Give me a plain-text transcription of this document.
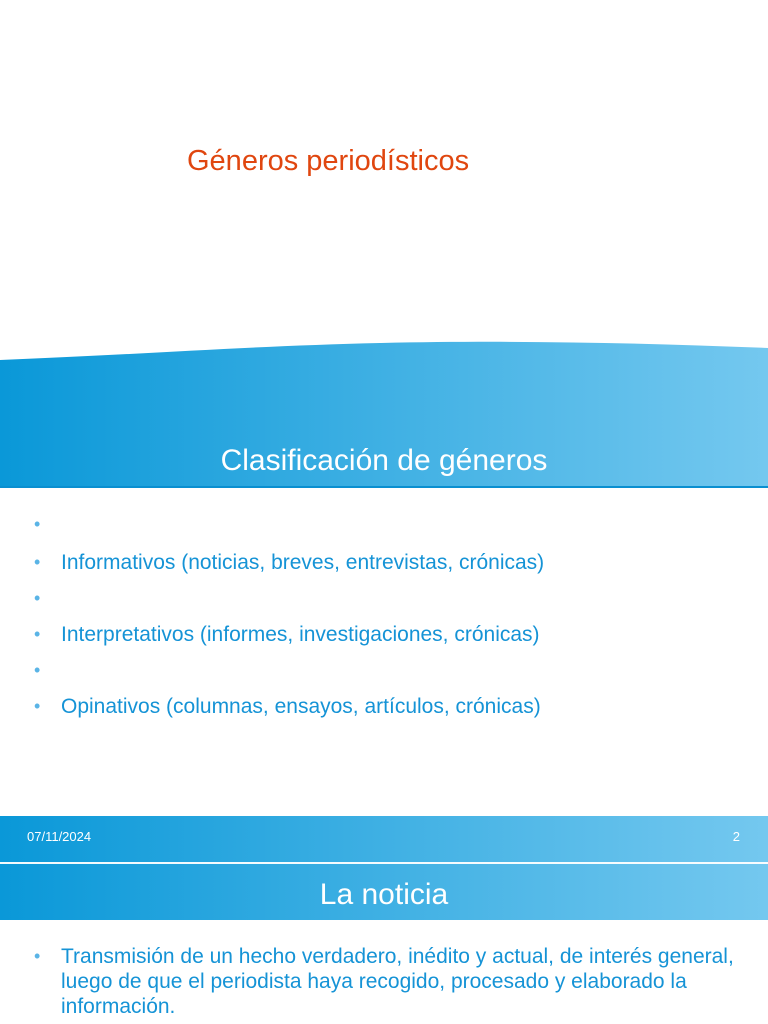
Géneros periodísticos
Clasificación de géneros
•
• Informativos (noticias, breves, entrevistas, crónicas)
•
• Interpretativos (informes, investigaciones, crónicas)
•
• Opinativos (columnas, ensayos, artículos, crónicas)
07/11/2024	2
La noticia
• Transmisión de un hecho verdadero, inédito y actual, de interés general, luego de que el periodista haya recogido, procesado y elaborado la información.
